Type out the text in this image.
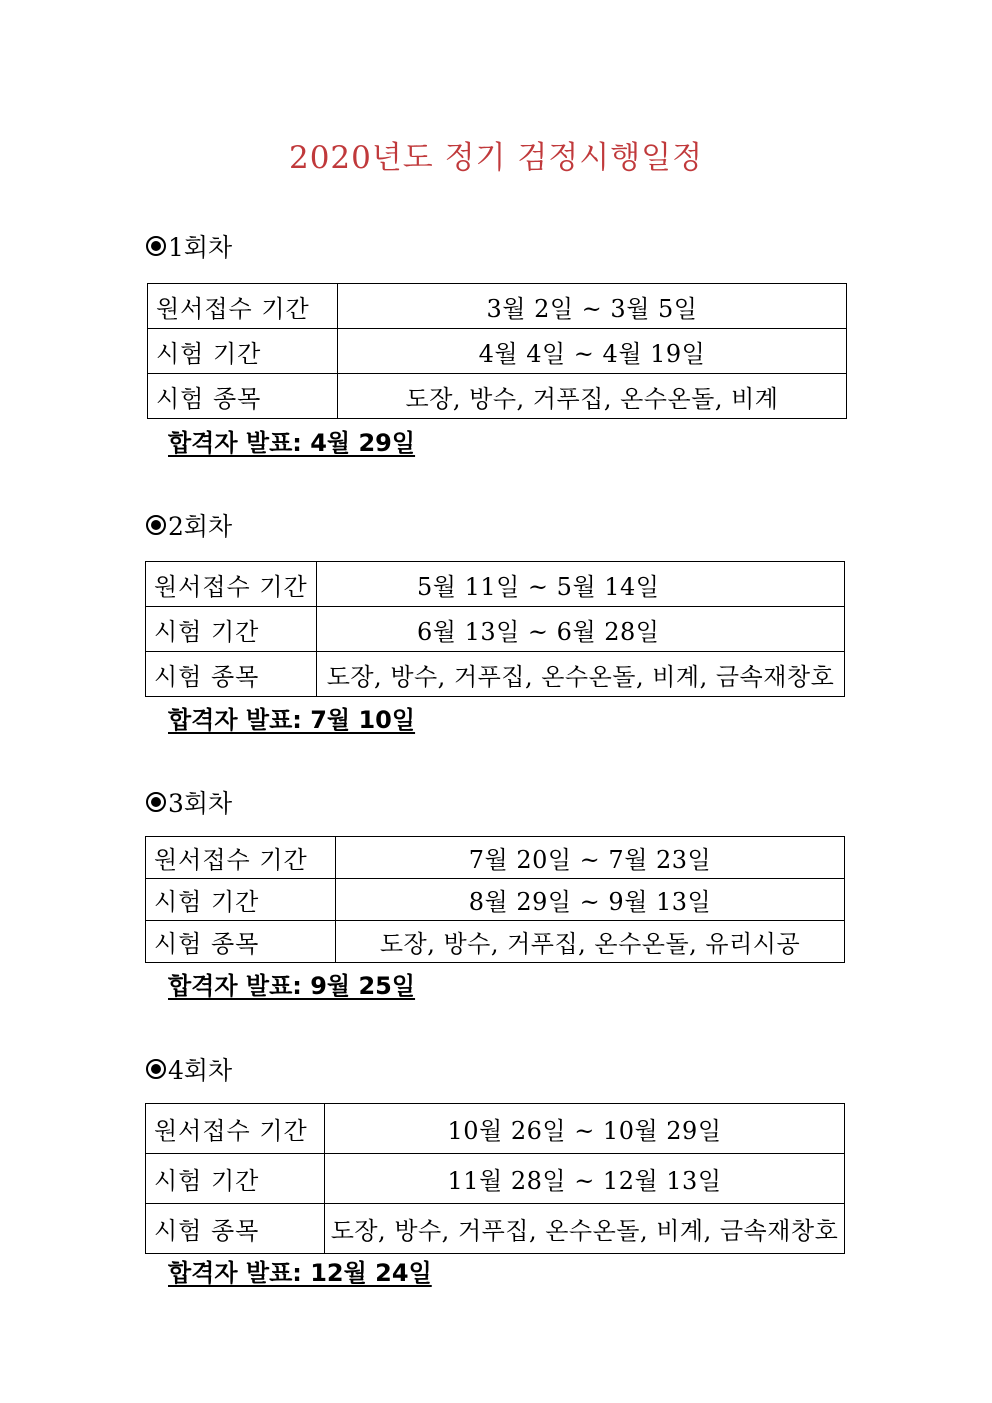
2020년도 정기 검정시행일정
1회차
원서접수 기간	3월 2일 ~ 3월 5일
시험 기간	4월 4일 ~ 4월 19일
시험 종목	도장, 방수, 거푸집, 온수온돌, 비계
합격자 발표: 4월 29일
2회차
원서접수 기간	5월 11일 ~ 5월 14일
시험 기간	6월 13일 ~ 6월 28일
시험 종목	도장, 방수, 거푸집, 온수온돌, 비계, 금속재창호
합격자 발표: 7월 10일
3회차
원서접수 기간	7월 20일 ~ 7월 23일
시험 기간	8월 29일 ~ 9월 13일
시험 종목	도장, 방수, 거푸집, 온수온돌, 유리시공
합격자 발표: 9월 25일
4회차
원서접수 기간	10월 26일 ~ 10월 29일
시험 기간	11월 28일 ~ 12월 13일
시험 종목	도장, 방수, 거푸집, 온수온돌, 비계, 금속재창호
합격자 발표: 12월 24일
